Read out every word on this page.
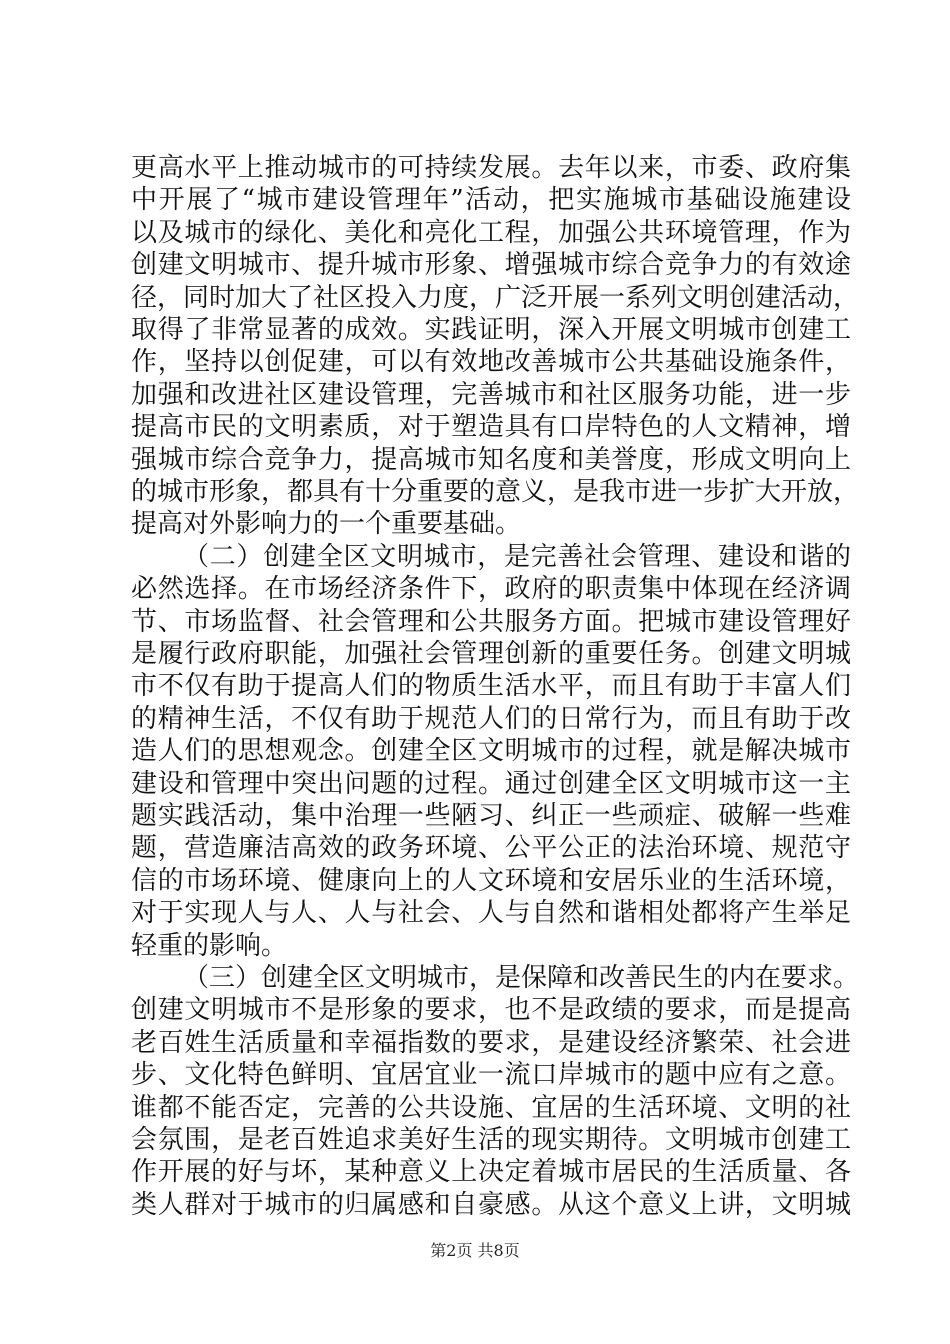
更高水平上推动城市的可持续发展。去年以来，市委、政府集
中开展了“城市建设管理年”活动，把实施城市基础设施建设
以及城市的绿化、美化和亮化工程，加强公共环境管理，作为
创建文明城市、提升城市形象、增强城市综合竞争力的有效途
径，同时加大了社区投入力度，广泛开展一系列文明创建活动，
取得了非常显著的成效。实践证明，深入开展文明城市创建工
作，坚持以创促建，可以有效地改善城市公共基础设施条件，
加强和改进社区建设管理，完善城市和社区服务功能，进一步
提高市民的文明素质，对于塑造具有口岸特色的人文精神，增
强城市综合竞争力，提高城市知名度和美誉度，形成文明向上
的城市形象，都具有十分重要的意义，是我市进一步扩大开放，
提高对外影响力的一个重要基础。
（二）创建全区文明城市，是完善社会管理、建设和谐的
必然选择。在市场经济条件下，政府的职责集中体现在经济调
节、市场监督、社会管理和公共服务方面。把城市建设管理好
是履行政府职能，加强社会管理创新的重要任务。创建文明城
市不仅有助于提高人们的物质生活水平，而且有助于丰富人们
的精神生活，不仅有助于规范人们的日常行为，而且有助于改
造人们的思想观念。创建全区文明城市的过程，就是解决城市
建设和管理中突出问题的过程。通过创建全区文明城市这一主
题实践活动，集中治理一些陋习、纠正一些顽症、破解一些难
题，营造廉洁高效的政务环境、公平公正的法治环境、规范守
信的市场环境、健康向上的人文环境和安居乐业的生活环境，
对于实现人与人、人与社会、人与自然和谐相处都将产生举足
轻重的影响。
（三）创建全区文明城市，是保障和改善民生的内在要求。
创建文明城市不是形象的要求，也不是政绩的要求，而是提高
老百姓生活质量和幸福指数的要求，是建设经济繁荣、社会进
步、文化特色鲜明、宜居宜业一流口岸城市的题中应有之意。
谁都不能否定，完善的公共设施、宜居的生活环境、文明的社
会氛围，是老百姓追求美好生活的现实期待。文明城市创建工
作开展的好与坏，某种意义上决定着城市居民的生活质量、各
类人群对于城市的归属感和自豪感。从这个意义上讲，文明城
第2页 共8页
